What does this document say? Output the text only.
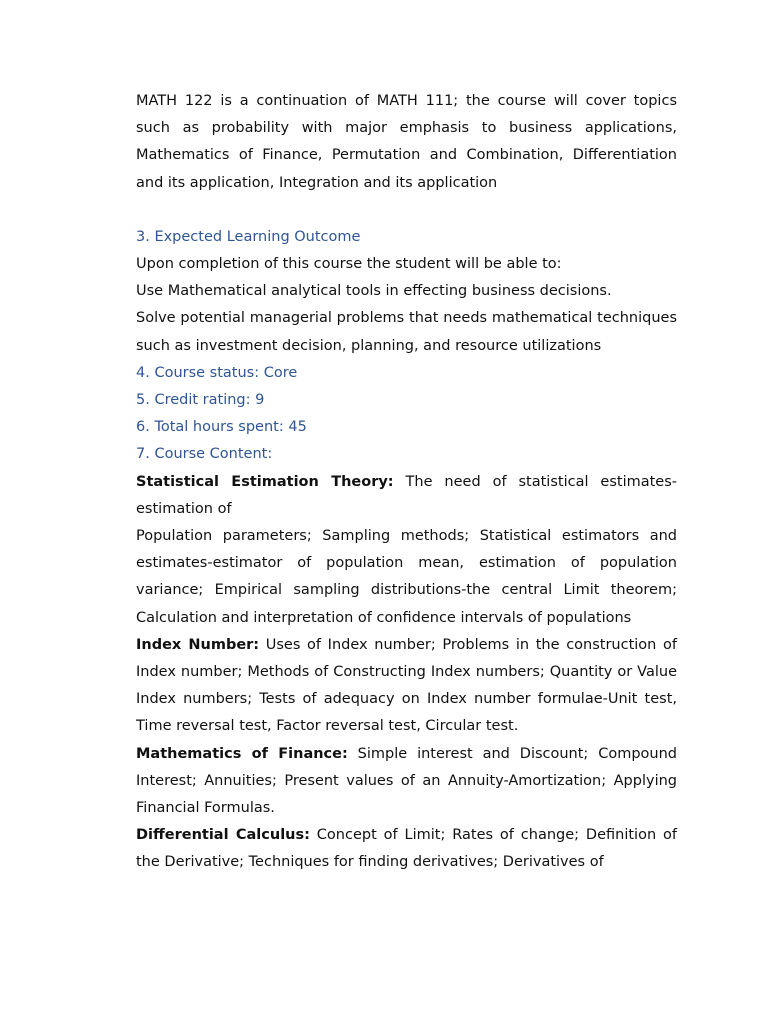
MATH 122 is a continuation of MATH 111; the course will cover topics such as probability with major emphasis to business applications, Mathematics of Finance, Permutation and Combination, Differentiation and its application, Integration and its application

3. Expected Learning Outcome

Upon completion of this course the student will be able to:

Use Mathematical analytical tools in effecting business decisions.

Solve potential managerial problems that needs mathematical techniques such as investment decision, planning, and resource utilizations

4. Course status: Core

5. Credit rating: 9

6. Total hours spent: 45

7. Course Content:

Statistical Estimation Theory: The need of statistical estimates-estimation of

Population parameters; Sampling methods; Statistical estimators and estimates-estimator of population mean, estimation of population variance; Empirical sampling distributions-the central Limit theorem; Calculation and interpretation of confidence intervals of populations

Index Number: Uses of Index number; Problems in the construction of Index number; Methods of Constructing Index numbers; Quantity or Value Index numbers; Tests of adequacy on Index number formulae-Unit test, Time reversal test, Factor reversal test, Circular test.

Mathematics of Finance: Simple interest and Discount; Compound Interest; Annuities; Present values of an Annuity-Amortization; Applying Financial Formulas.

Differential Calculus: Concept of Limit; Rates of change; Definition of the Derivative; Techniques for finding derivatives; Derivatives of
